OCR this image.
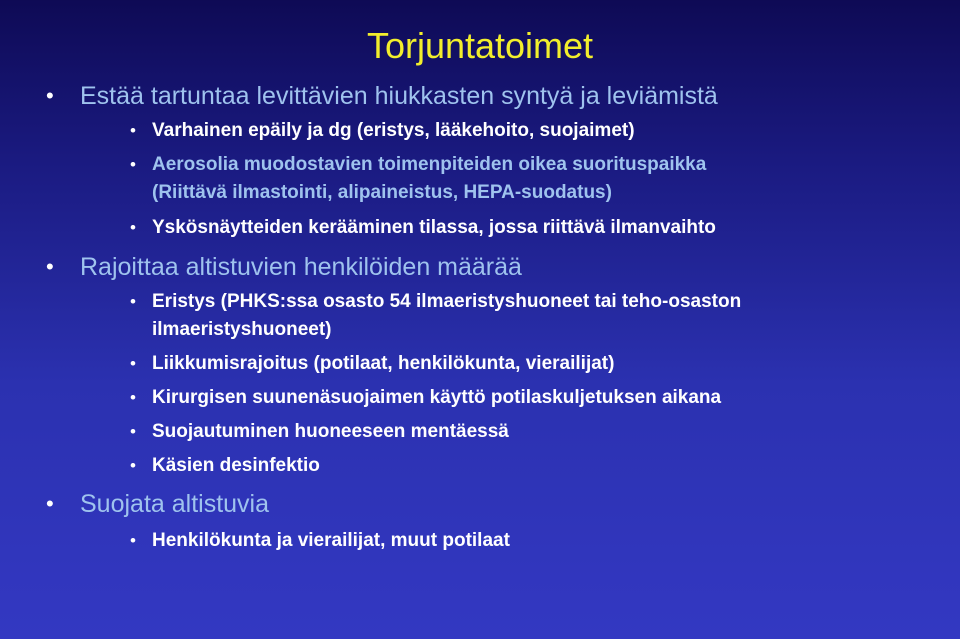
Torjuntatoimet
• Estää tartuntaa levittävien hiukkasten syntyä ja leviämistä
• Varhainen epäily ja dg (eristys, lääkehoito, suojaimet)
• Aerosolia muodostavien toimenpiteiden oikea suorituspaikka
(Riittävä ilmastointi, alipaineistus, HEPA-suodatus)
• Yskösnäytteiden kerääminen tilassa, jossa riittävä ilmanvaihto
• Rajoittaa altistuvien henkilöiden määrää
• Eristys (PHKS:ssa osasto 54 ilmaeristyshuoneet tai teho-osaston
ilmaeristyshuoneet)
• Liikkumisrajoitus (potilaat, henkilökunta, vierailijat)
• Kirurgisen suunenäsuojaimen käyttö potilaskuljetuksen aikana
• Suojautuminen huoneeseen mentäessä
• Käsien desinfektio
• Suojata altistuvia
• Henkilökunta ja vierailijat, muut potilaat
